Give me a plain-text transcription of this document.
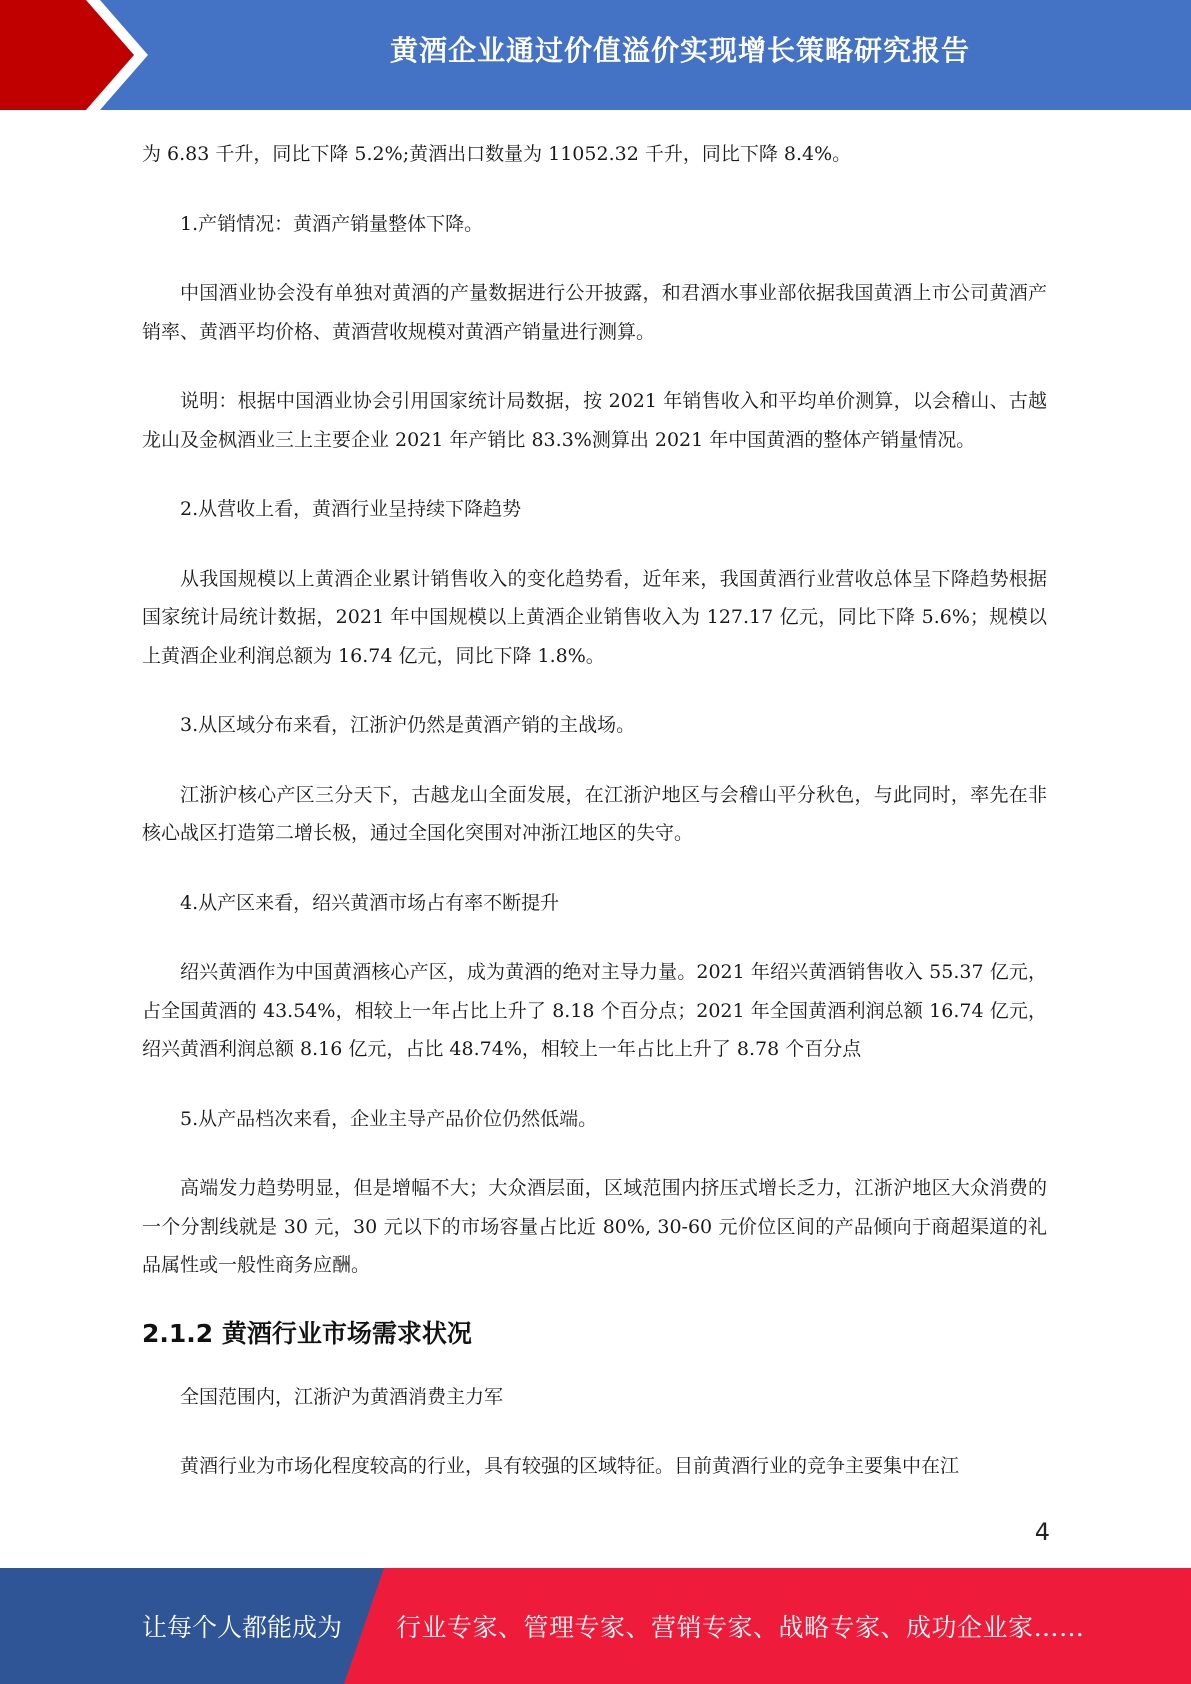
黄酒企业通过价值溢价实现增长策略研究报告

为 6.83 千升，同比下降 5.2%;黄酒出口数量为 11052.32 千升，同比下降 8.4%。

1.产销情况：黄酒产销量整体下降。

中国酒业协会没有单独对黄酒的产量数据进行公开披露，和君酒水事业部依据我国黄酒上市公司黄酒产销率、黄酒平均价格、黄酒营收规模对黄酒产销量进行测算。

说明：根据中国酒业协会引用国家统计局数据，按 2021 年销售收入和平均单价测算，以会稽山、古越龙山及金枫酒业三上主要企业 2021 年产销比 83.3%测算出 2021 年中国黄酒的整体产销量情况。

2.从营收上看，黄酒行业呈持续下降趋势

从我国规模以上黄酒企业累计销售收入的变化趋势看，近年来，我国黄酒行业营收总体呈下降趋势根据国家统计局统计数据，2021 年中国规模以上黄酒企业销售收入为 127.17 亿元，同比下降 5.6%；规模以上黄酒企业利润总额为 16.74 亿元，同比下降 1.8%。

3.从区域分布来看，江浙沪仍然是黄酒产销的主战场。

江浙沪核心产区三分天下，古越龙山全面发展，在江浙沪地区与会稽山平分秋色，与此同时，率先在非核心战区打造第二增长极，通过全国化突围对冲浙江地区的失守。

4.从产区来看，绍兴黄酒市场占有率不断提升

绍兴黄酒作为中国黄酒核心产区，成为黄酒的绝对主导力量。2021 年绍兴黄酒销售收入 55.37 亿元，占全国黄酒的 43.54%，相较上一年占比上升了 8.18 个百分点；2021 年全国黄酒利润总额 16.74 亿元，绍兴黄酒利润总额 8.16 亿元，占比 48.74%，相较上一年占比上升了 8.78 个百分点

5.从产品档次来看，企业主导产品价位仍然低端。

高端发力趋势明显，但是增幅不大；大众酒层面，区域范围内挤压式增长乏力，江浙沪地区大众消费的一个分割线就是 30 元，30 元以下的市场容量占比近 80%, 30-60 元价位区间的产品倾向于商超渠道的礼品属性或一般性商务应酬。

2.1.2 黄酒行业市场需求状况

全国范围内，江浙沪为黄酒消费主力军

黄酒行业为市场化程度较高的行业，具有较强的区域特征。目前黄酒行业的竞争主要集中在江

4
让每个人都能成为	行业专家、管理专家、营销专家、战略专家、成功企业家……
